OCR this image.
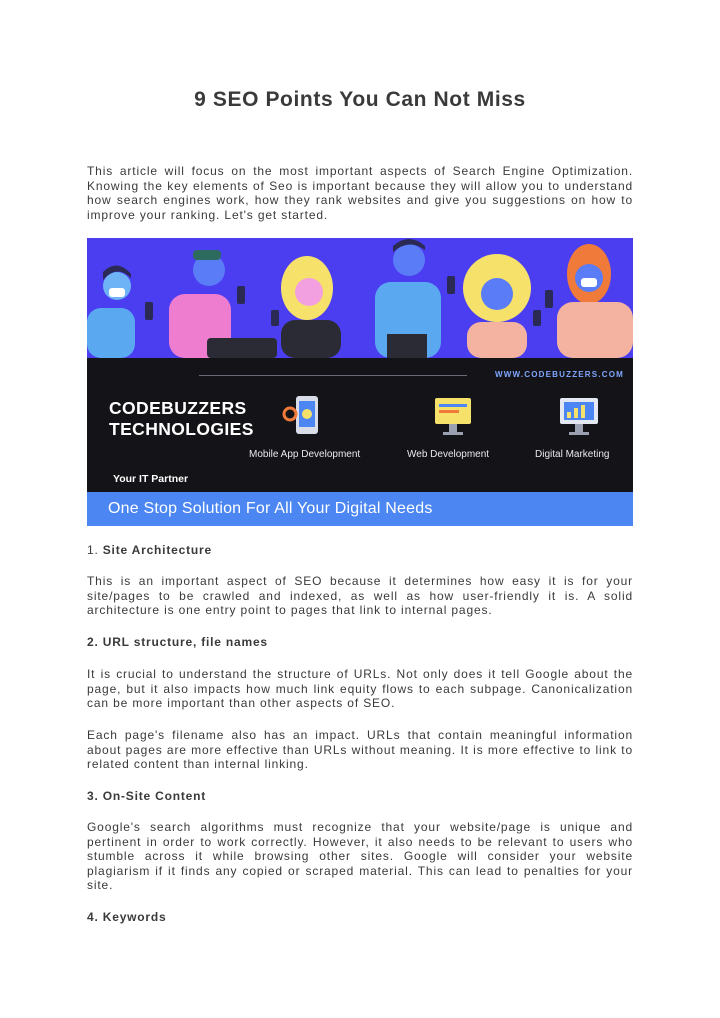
9 SEO Points You Can Not Miss

This article will focus on the most important aspects of Search Engine Optimization. Knowing the key elements of Seo is important because they will allow you to understand how search engines work, how they rank websites and give you suggestions on how to improve your ranking. Let's get started.

WWW.CODEBUZZERS.COM
CODEBUZZERS
TECHNOLOGIES
Your IT Partner
Mobile App Development	Web Development	Digital Marketing
One Stop Solution For All Your Digital Needs
1. Site Architecture

This is an important aspect of SEO because it determines how easy it is for your site/pages to be crawled and indexed, as well as how user-friendly it is. A solid architecture is one entry point to pages that link to internal pages.

2. URL structure, file names

It is crucial to understand the structure of URLs. Not only does it tell Google about the page, but it also impacts how much link equity flows to each subpage. Canonicalization can be more important than other aspects of SEO.

Each page's filename also has an impact. URLs that contain meaningful information about pages are more effective than URLs without meaning. It is more effective to link to related content than internal linking.

3. On-Site Content

Google's search algorithms must recognize that your website/page is unique and pertinent in order to work correctly. However, it also needs to be relevant to users who stumble across it while browsing other sites. Google will consider your website plagiarism if it finds any copied or scraped material. This can lead to penalties for your site.

4. Keywords
